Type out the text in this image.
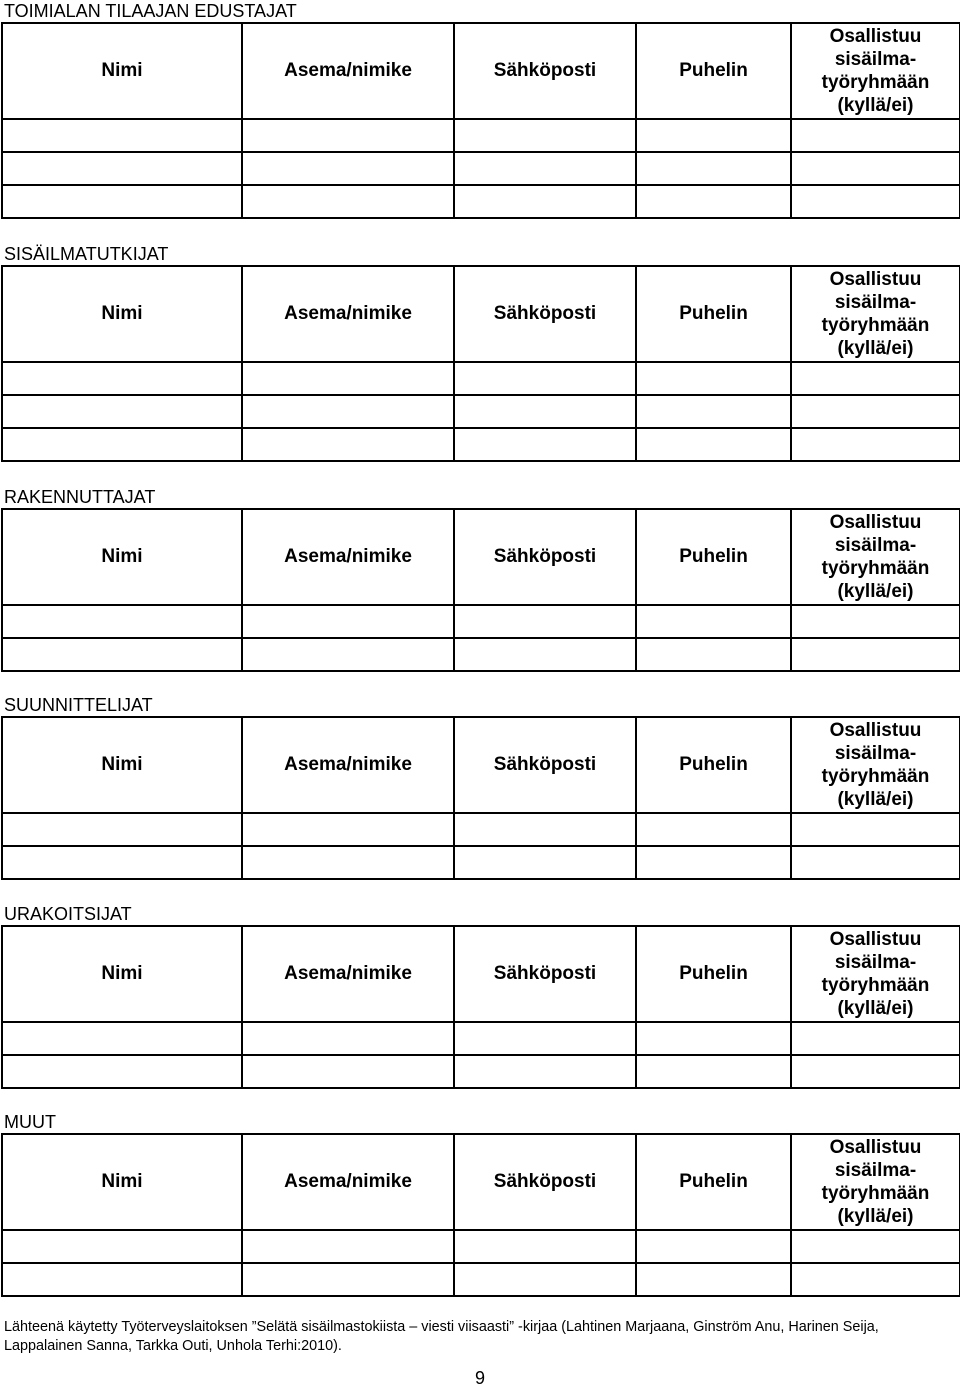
TOIMIALAN TILAAJAN EDUSTAJAT
Nimi	Asema/nimike	Sähköposti	Puhelin	Osallistuu
sisäilma-
työryhmään
(kyllä/ei)

SISÄILMATUTKIJAT
Nimi	Asema/nimike	Sähköposti	Puhelin	Osallistuu
sisäilma-
työryhmään
(kyllä/ei)

RAKENNUTTAJAT
Nimi	Asema/nimike	Sähköposti	Puhelin	Osallistuu
sisäilma-
työryhmään
(kyllä/ei)

SUUNNITTELIJAT
Nimi	Asema/nimike	Sähköposti	Puhelin	Osallistuu
sisäilma-
työryhmään
(kyllä/ei)

URAKOITSIJAT
Nimi	Asema/nimike	Sähköposti	Puhelin	Osallistuu
sisäilma-
työryhmään
(kyllä/ei)

MUUT
Nimi	Asema/nimike	Sähköposti	Puhelin	Osallistuu
sisäilma-
työryhmään
(kyllä/ei)

Lähteenä käytetty Työterveyslaitoksen ”Selätä sisäilmastokiista – viesti viisaasti” -kirjaa (Lahtinen Marjaana, Ginström Anu, Harinen Seija, Lappalainen Sanna, Tarkka Outi, Unhola Terhi:2010).
9
